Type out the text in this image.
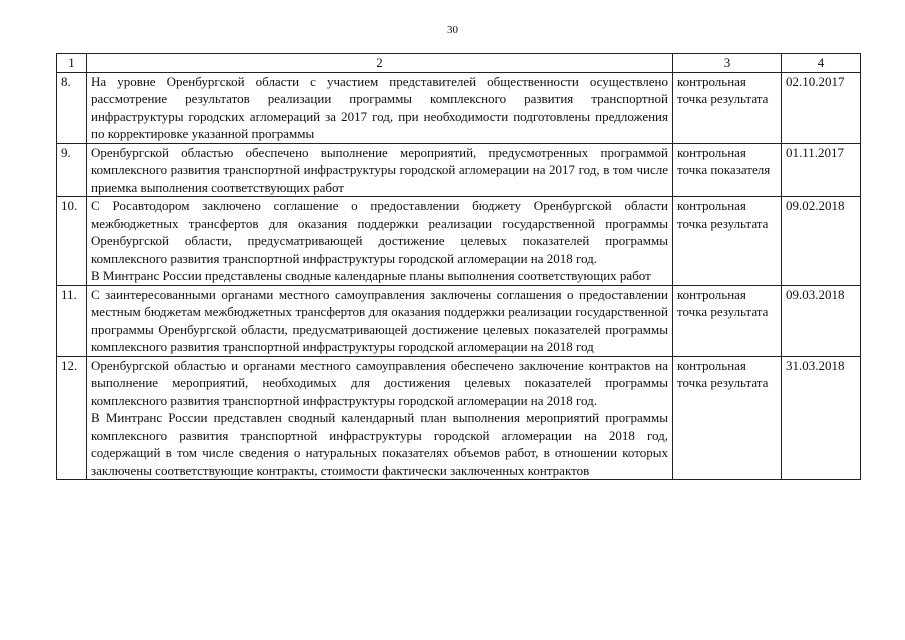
30
1	2	3	4
8.	На уровне Оренбургской области с участием представителей общественности осуществлено рассмотрение результатов реализации программы комплексного развития транспортной инфраструктуры городских агломераций за 2017 год, при необходимости подготовлены предложения по корректировке указанной программы	контрольная точка результата	02.10.2017
9.	Оренбургской областью обеспечено выполнение мероприятий, предусмотренных программой комплексного развития транспортной инфраструктуры городской агломерации на 2017 год, в том числе приемка выполнения соответствующих работ	контрольная точка показателя	01.11.2017
10.	С Росавтодором заключено соглашение о предоставлении бюджету Оренбургской области межбюджетных трансфертов для оказания поддержки реализации государственной программы Оренбургской области, предусматривающей достижение целевых показателей программы комплексного развития транспортной инфраструктуры городской агломерации на 2018 год.
В Минтранс России представлены сводные календарные планы выполнения соответствующих работ	контрольная точка результата	09.02.2018
11.	С заинтересованными органами местного самоуправления заключены соглашения о предоставлении местным бюджетам межбюджетных трансфертов для оказания поддержки реализации государственной программы Оренбургской области, предусматривающей достижение целевых показателей программы комплексного развития транспортной инфраструктуры городской агломерации на 2018 год	контрольная точка результата	09.03.2018
12.	Оренбургской областью и органами местного самоуправления обеспечено заключение контрактов на выполнение мероприятий, необходимых для достижения целевых показателей программы комплексного развития транспортной инфраструктуры городской агломерации на 2018 год.
В Минтранс России представлен сводный календарный план выполнения мероприятий программы комплексного развития транспортной инфраструктуры городской агломерации на 2018 год, содержащий в том числе сведения о натуральных показателях объемов работ, в отношении которых заключены соответствующие контракты, стоимости фактически заключенных контрактов	контрольная точка результата	31.03.2018
